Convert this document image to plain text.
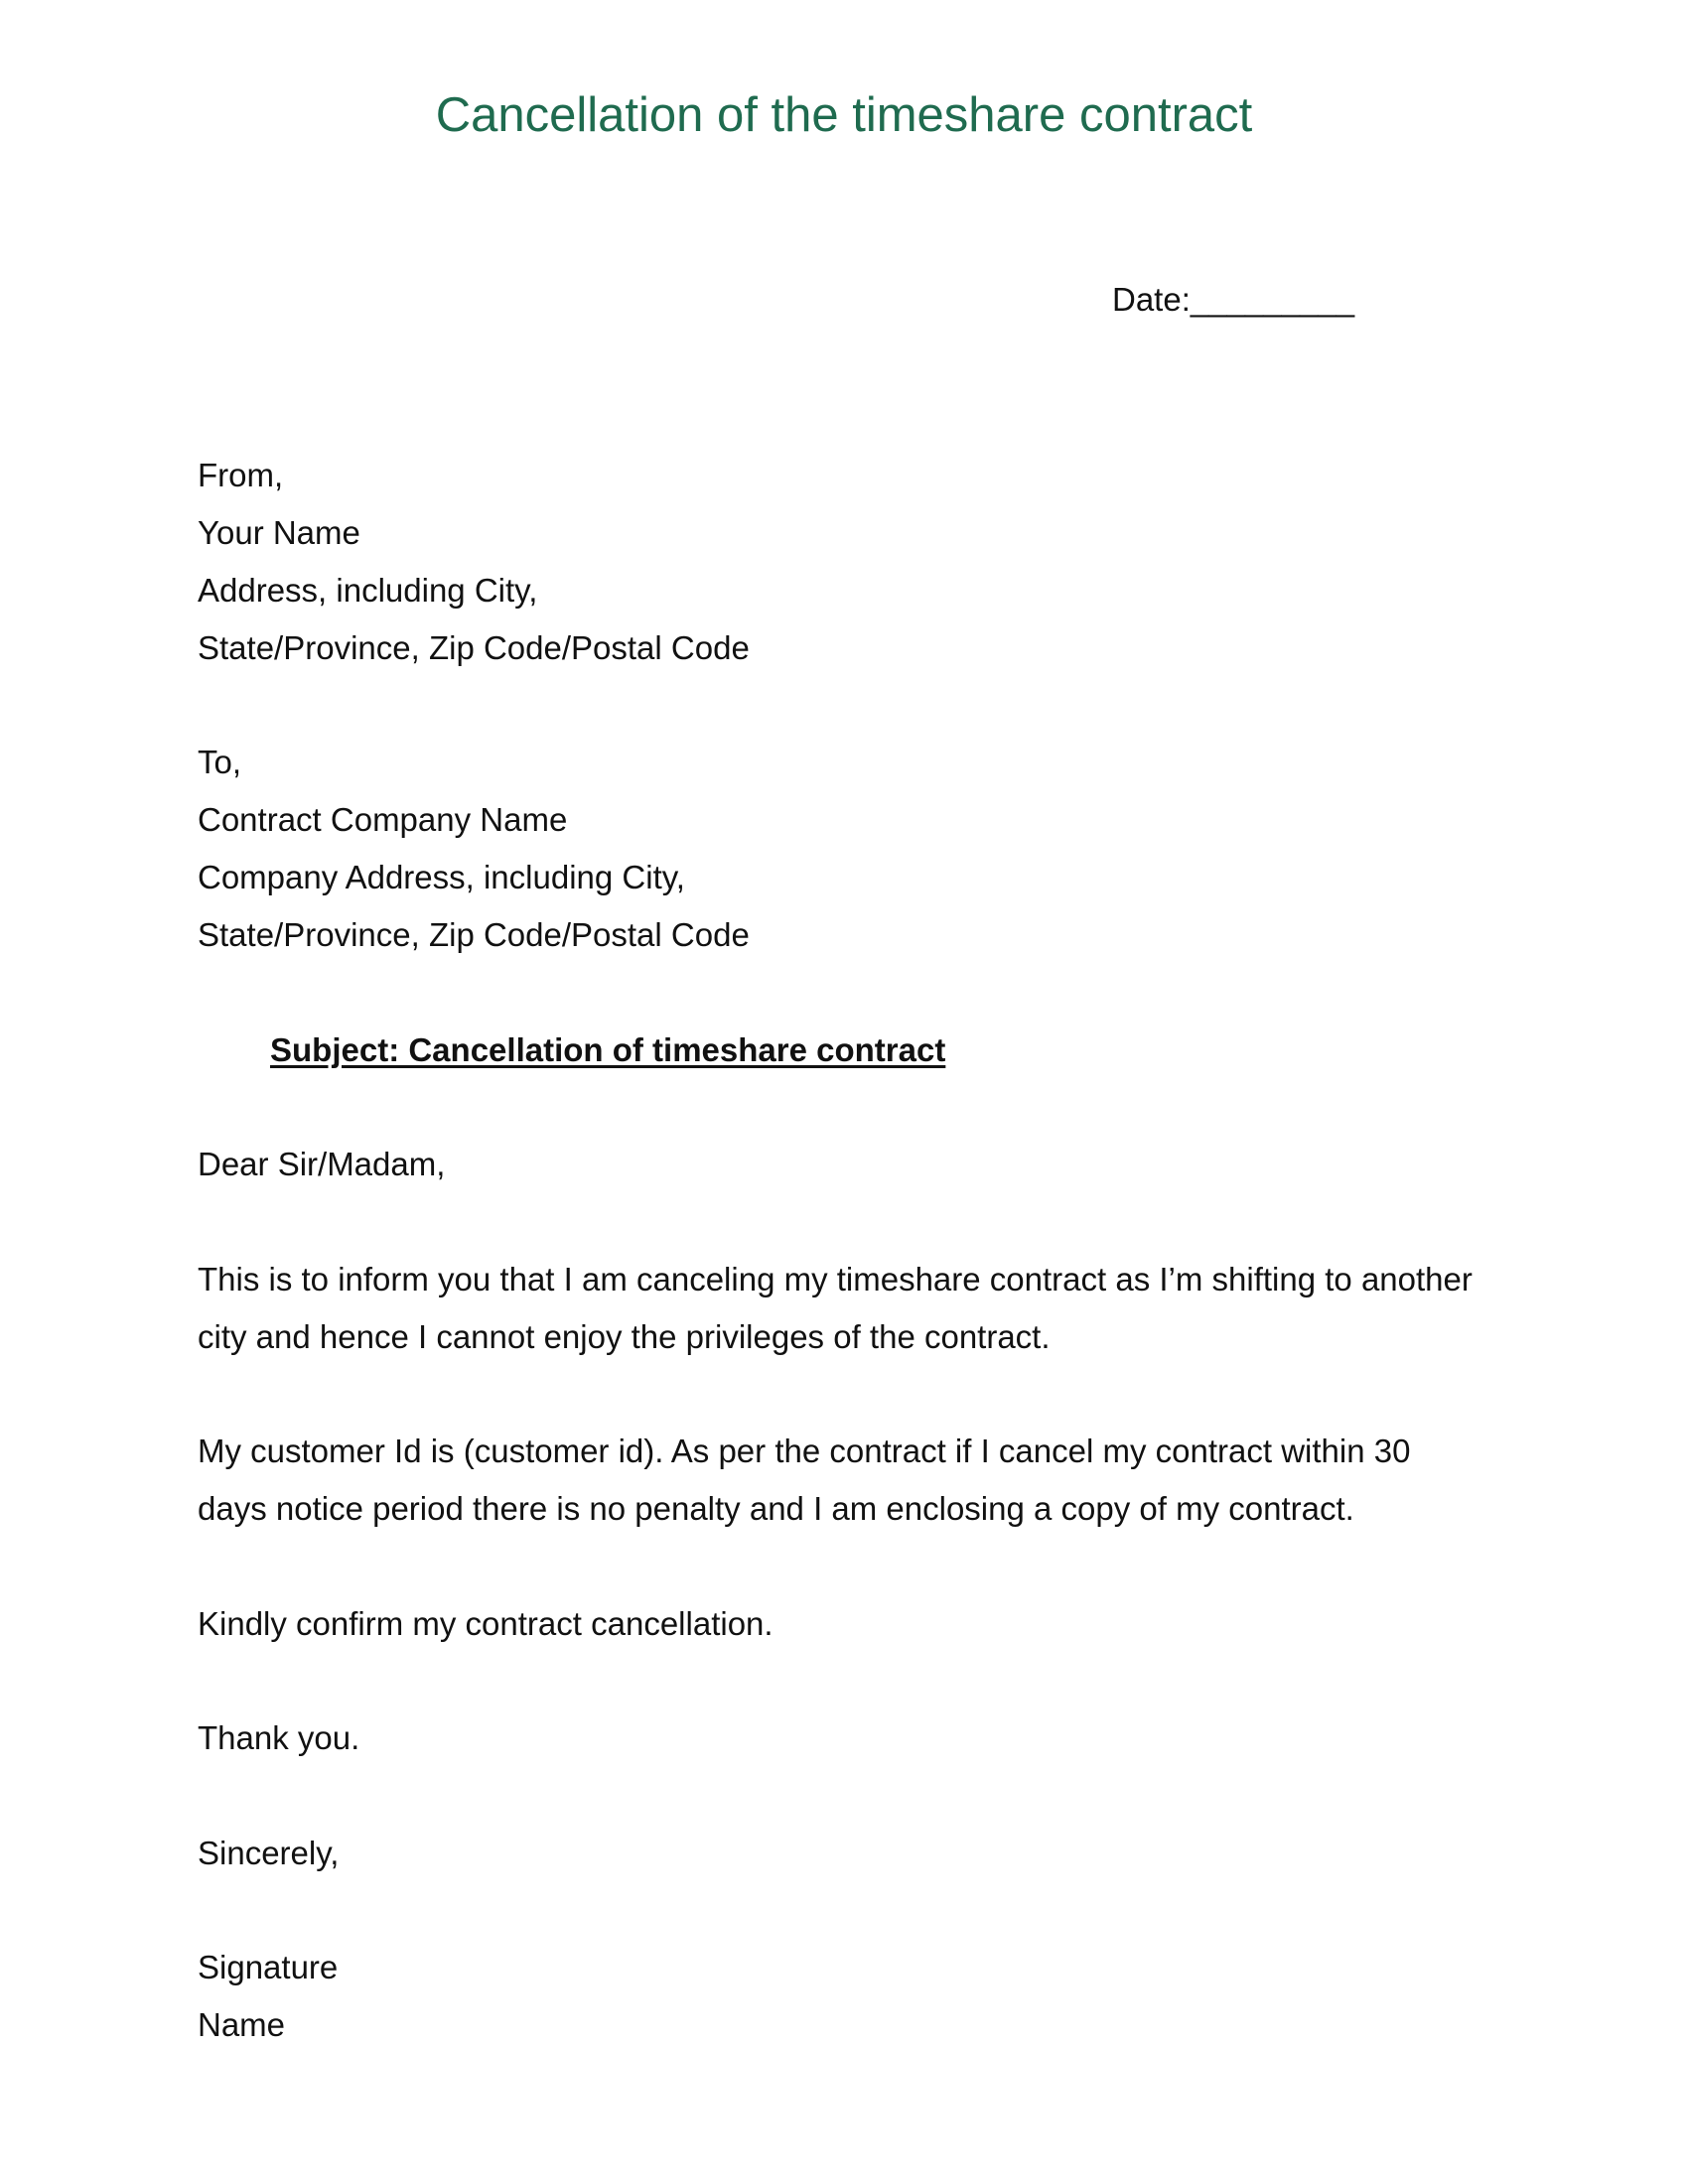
Cancellation of the timeshare contract
Date:_________

From,

Your Name

Address, including City,

State/Province, Zip Code/Postal Code

To,

Contract Company Name

Company Address, including City,

State/Province, Zip Code/Postal Code

Subject: Cancellation of timeshare contract

Dear Sir/Madam,

This is to inform you that I am canceling my timeshare contract as I’m shifting to another

city and hence I cannot enjoy the privileges of the contract.

My customer Id is (customer id). As per the contract if I cancel my contract within 30

days notice period there is no penalty and I am enclosing a copy of my contract.

Kindly confirm my contract cancellation.

Thank you.

Sincerely,

Signature

Name
